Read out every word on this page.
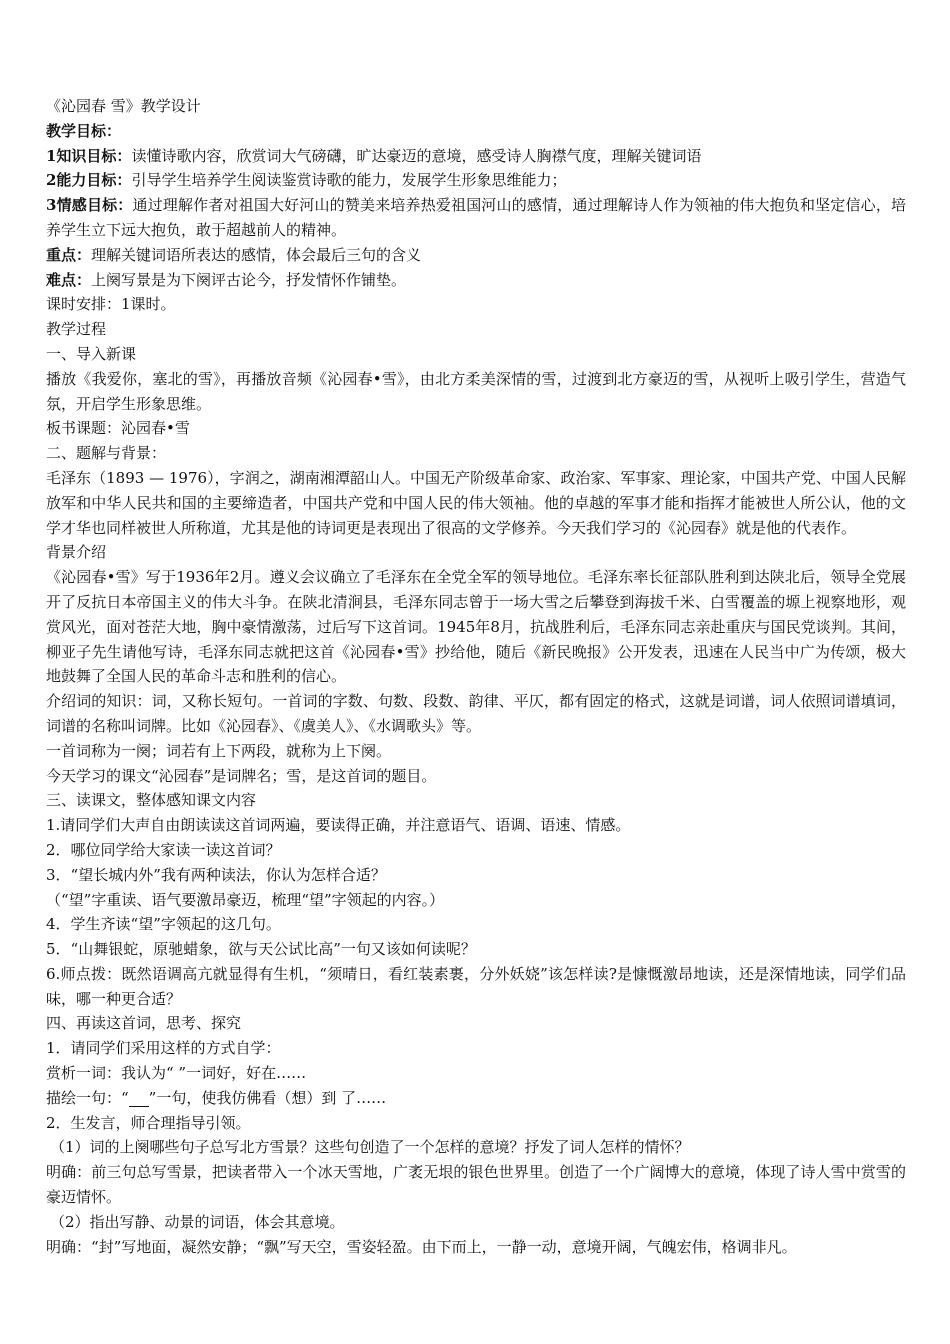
《沁园春 雪》教学设计
教学目标：
1知识目标：读懂诗歌内容，欣赏词大气磅礴，旷达豪迈的意境，感受诗人胸襟气度，理解关键词语
2能力目标：引导学生培养学生阅读鉴赏诗歌的能力，发展学生形象思维能力；
3情感目标：通过理解作者对祖国大好河山的赞美来培养热爱祖国河山的感情，通过理解诗人作为领袖的伟大抱负和坚定信心，培养学生立下远大抱负，敢于超越前人的精神。
重点：理解关键词语所表达的感情，体会最后三句的含义
难点：上阕写景是为下阕评古论今，抒发情怀作铺垫。
课时安排：1课时。
教学过程
一、导入新课
播放《我爱你，塞北的雪》，再播放音频《沁园春•雪》，由北方柔美深情的雪，过渡到北方豪迈的雪，从视听上吸引学生，营造气氛，开启学生形象思维。
板书课题：沁园春•雪
二、题解与背景：
毛泽东（1893 — 1976），字润之，湖南湘潭韶山人。中国无产阶级革命家、政治家、军事家、理论家，中国共产党、中国人民解放军和中华人民共和国的主要缔造者，中国共产党和中国人民的伟大领袖。他的卓越的军事才能和指挥才能被世人所公认，他的文学才华也同样被世人所称道，尤其是他的诗词更是表现出了很高的文学修养。今天我们学习的《沁园春》就是他的代表作。
背景介绍
《沁园春•雪》写于1936年2月。遵义会议确立了毛泽东在全党全军的领导地位。毛泽东率长征部队胜利到达陕北后，领导全党展开了反抗日本帝国主义的伟大斗争。在陕北清涧县，毛泽东同志曾于一场大雪之后攀登到海拔千米、白雪覆盖的塬上视察地形，观赏风光，面对苍茫大地，胸中豪情激荡，过后写下这首词。1945年8月，抗战胜利后，毛泽东同志亲赴重庆与国民党谈判。其间，柳亚子先生请他写诗，毛泽东同志就把这首《沁园春•雪》抄给他，随后《新民晚报》公开发表，迅速在人民当中广为传颂，极大地鼓舞了全国人民的革命斗志和胜利的信心。
介绍词的知识：词，又称长短句。一首词的字数、句数、段数、韵律、平仄，都有固定的格式，这就是词谱，词人依照词谱填词，词谱的名称叫词牌。比如《沁园春》、《虞美人》、《水调歌头》等。
一首词称为一阕；词若有上下两段，就称为上下阕。
今天学习的课文“沁园春”是词牌名；雪，是这首词的题目。
三、读课文，整体感知课文内容
1.请同学们大声自由朗读读这首词两遍，要读得正确，并注意语气、语调、语速、情感。
2．哪位同学给大家读一读这首词？
3．“望长城内外”我有两种读法，你认为怎样合适？
（“望”字重读、语气要激昂豪迈，梳理“望”字领起的内容。）
4．学生齐读“望”字领起的这几句。
5．“山舞银蛇，原驰蜡象，欲与天公试比高”一句又该如何读呢？
6.师点拨：既然语调高亢就显得有生机，“须晴日，看红装素裹，分外妖娆”该怎样读?是慷慨激昂地读，还是深情地读，同学们品味，哪一种更合适？
四、再读这首词，思考、探究
1．请同学们采用这样的方式自学：
赏析一词：我认为“ ”一词好，好在……
描绘一句：“ ”一句，使我仿佛看（想）到 了……
2．生发言，师合理指导引领。
（1）词的上阕哪些句子总写北方雪景？这些句创造了一个怎样的意境？抒发了词人怎样的情怀？
明确：前三句总写雪景，把读者带入一个冰天雪地，广袤无垠的银色世界里。创造了一个广阔博大的意境，体现了诗人雪中赏雪的豪迈情怀。
（2）指出写静、动景的词语，体会其意境。
明确：“封”写地面，凝然安静；“飘”写天空，雪姿轻盈。由下而上，一静一动，意境开阔，气魄宏伟，格调非凡。
